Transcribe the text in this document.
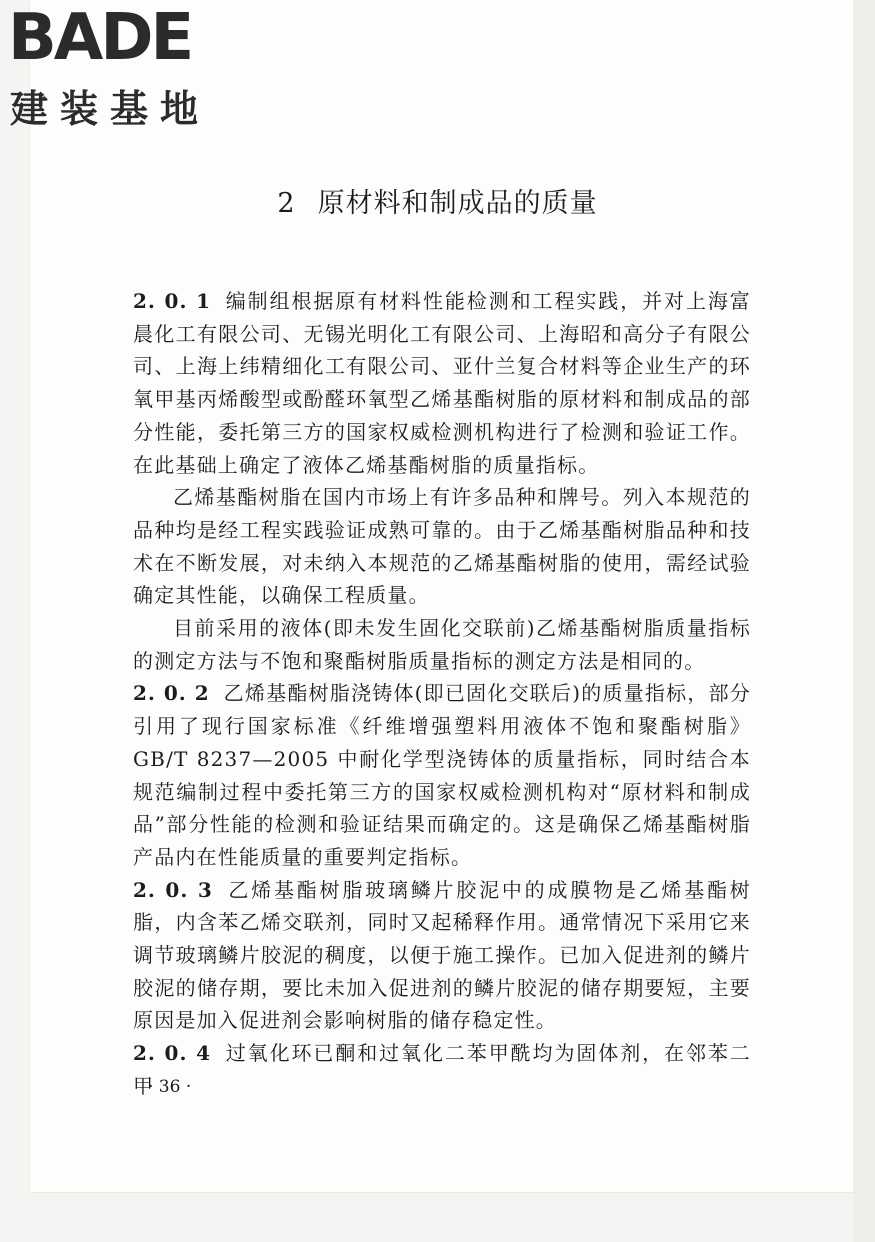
BADE
建装基地
2 原材料和制成品的质量

2. 0. 1 编制组根据原有材料性能检测和工程实践，并对上海富晨化工有限公司、无锡光明化工有限公司、上海昭和高分子有限公司、上海上纬精细化工有限公司、亚什兰复合材料等企业生产的环氧甲基丙烯酸型或酚醛环氧型乙烯基酯树脂的原材料和制成品的部分性能，委托第三方的国家权威检测机构进行了检测和验证工作。在此基础上确定了液体乙烯基酯树脂的质量指标。

乙烯基酯树脂在国内市场上有许多品种和牌号。列入本规范的品种均是经工程实践验证成熟可靠的。由于乙烯基酯树脂品种和技术在不断发展，对未纳入本规范的乙烯基酯树脂的使用，需经试验确定其性能，以确保工程质量。

目前采用的液体(即未发生固化交联前)乙烯基酯树脂质量指标的测定方法与不饱和聚酯树脂质量指标的测定方法是相同的。

2. 0. 2 乙烯基酯树脂浇铸体(即已固化交联后)的质量指标，部分引用了现行国家标准《纤维增强塑料用液体不饱和聚酯树脂》GB/T 8237—2005 中耐化学型浇铸体的质量指标，同时结合本规范编制过程中委托第三方的国家权威检测机构对“原材料和制成品”部分性能的检测和验证结果而确定的。这是确保乙烯基酯树脂产品内在性能质量的重要判定指标。

2. 0. 3 乙烯基酯树脂玻璃鳞片胶泥中的成膜物是乙烯基酯树脂，内含苯乙烯交联剂，同时又起稀释作用。通常情况下采用它来调节玻璃鳞片胶泥的稠度，以便于施工操作。已加入促进剂的鳞片胶泥的储存期，要比未加入促进剂的鳞片胶泥的储存期要短，主要原因是加入促进剂会影响树脂的储存稳定性。

2. 0. 4 过氧化环已酮和过氧化二苯甲酰均为固体剂，在邻苯二甲

· 36 ·
